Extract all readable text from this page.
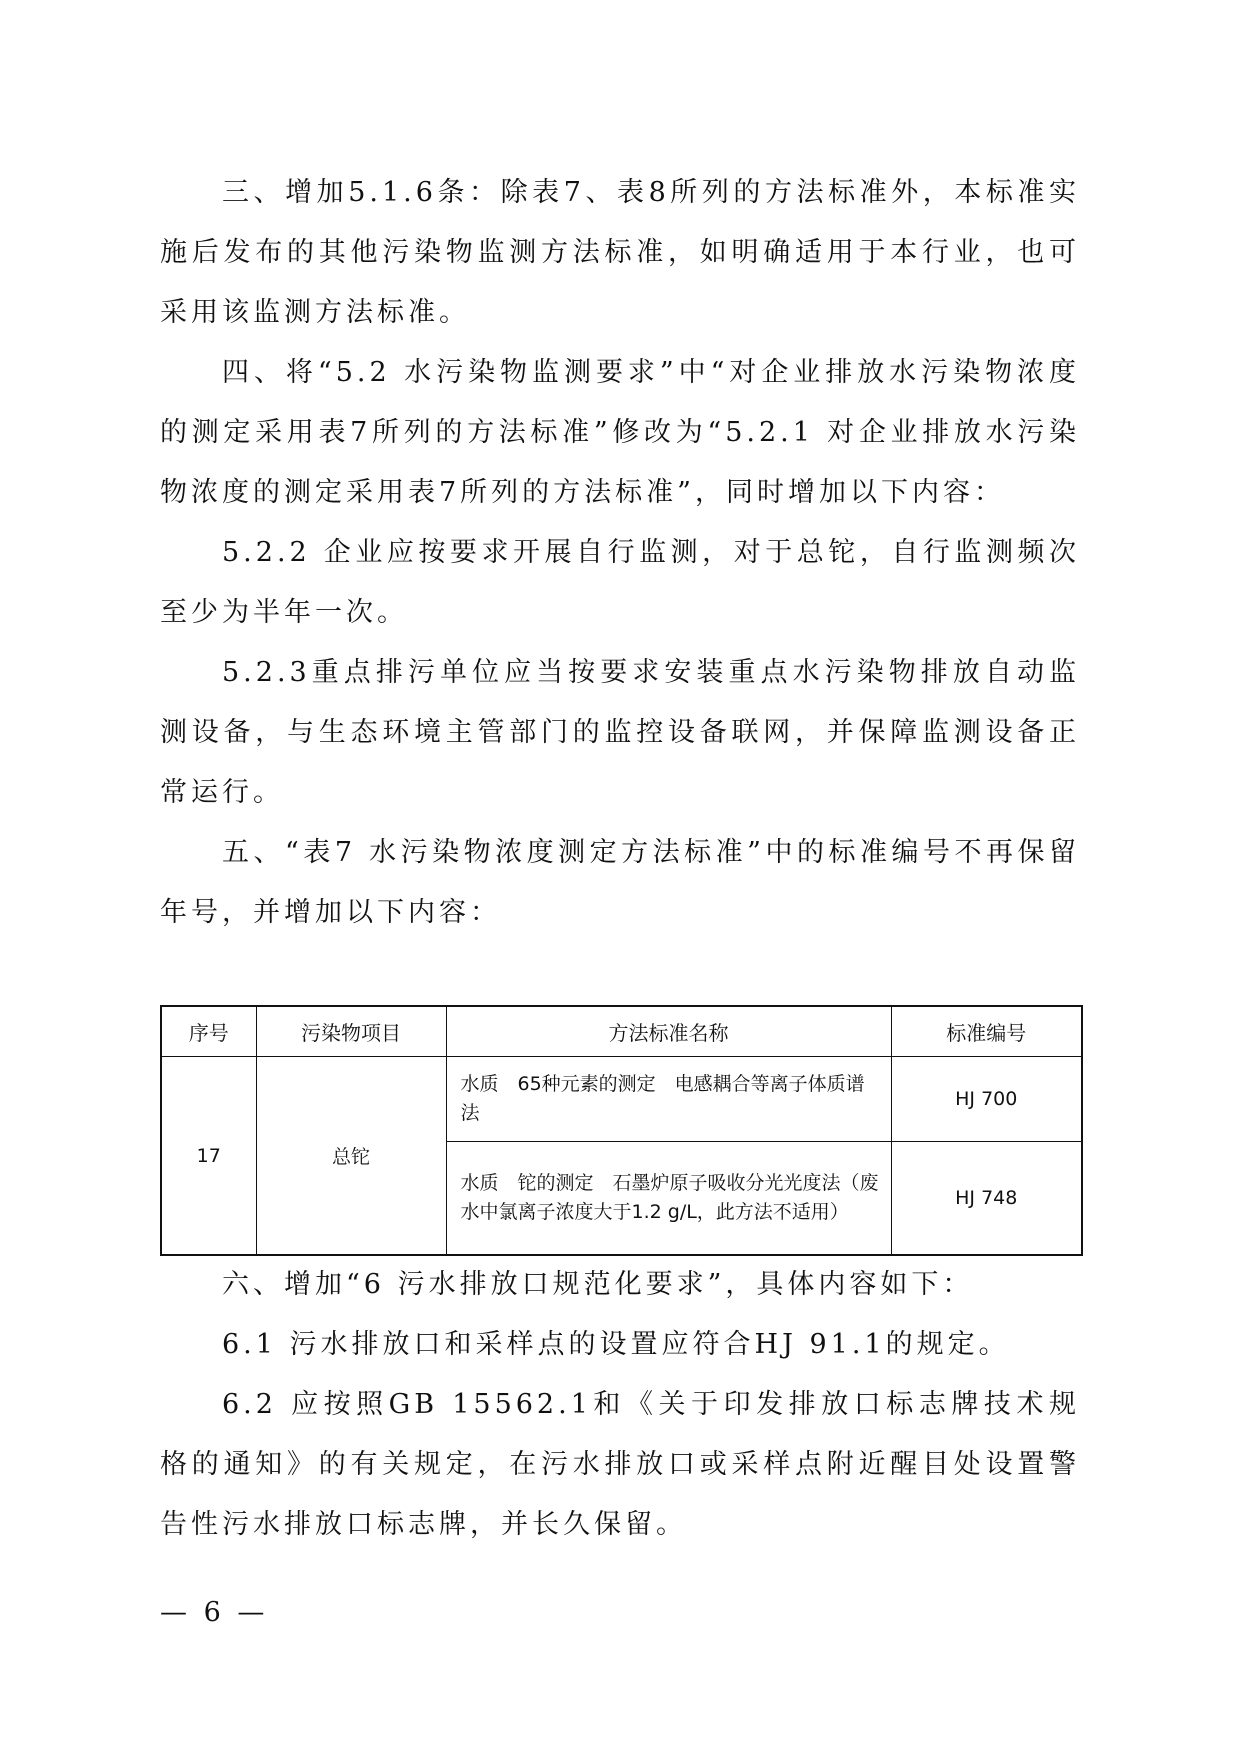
三、增加5.1.6条：除表7、表8所列的方法标准外，本标准实施后发布的其他污染物监测方法标准，如明确适用于本行业，也可采用该监测方法标准。

四、将“5.2 水污染物监测要求”中“对企业排放水污染物浓度的测定采用表7所列的方法标准”修改为“5.2.1 对企业排放水污染物浓度的测定采用表7所列的方法标准”，同时增加以下内容：

5.2.2 企业应按要求开展自行监测，对于总铊，自行监测频次至少为半年一次。

5.2.3重点排污单位应当按要求安装重点水污染物排放自动监测设备，与生态环境主管部门的监控设备联网，并保障监测设备正常运行。

五、“表7 水污染物浓度测定方法标准”中的标准编号不再保留年号，并增加以下内容：

序号	污染物项目	方法标准名称	标准编号
17	总铊	水质　65种元素的测定　电感耦合等离子体质谱法	HJ 700
		水质　铊的测定　石墨炉原子吸收分光光度法（废水中氯离子浓度大于1.2 g/L，此方法不适用）	HJ 748

六、增加“6 污水排放口规范化要求”，具体内容如下：

6.1 污水排放口和采样点的设置应符合HJ 91.1的规定。

6.2 应按照GB 15562.1和《关于印发排放口标志牌技术规格的通知》的有关规定，在污水排放口或采样点附近醒目处设置警告性污水排放口标志牌，并长久保留。

— 6 —
